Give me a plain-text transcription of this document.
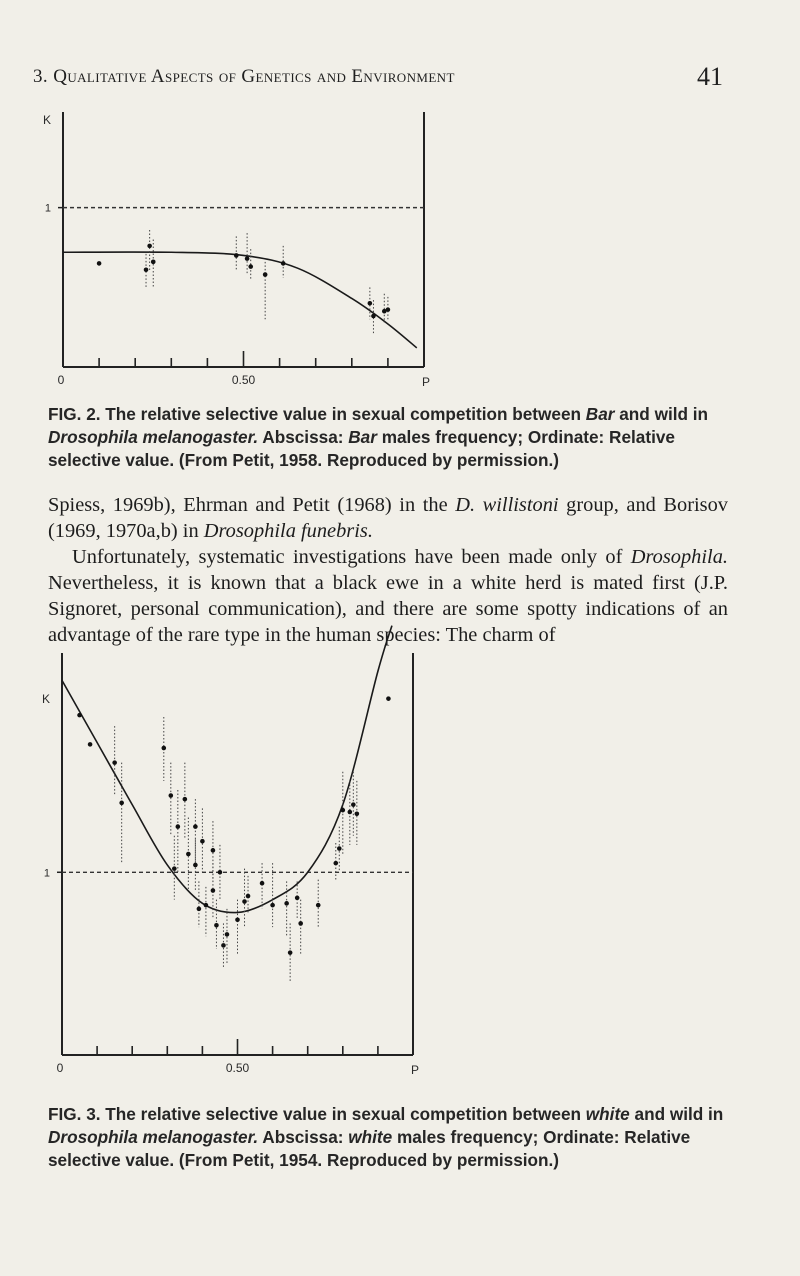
3. Qualitative Aspects of Genetics and Environment	41
K
1
0	0.50	P
FIG. 2. The relative selective value in sexual competition between Bar and wild in Drosophila melanogaster. Abscissa: Bar males frequency; Ordinate: Relative selective value. (From Petit, 1958. Reproduced by permission.)

Spiess, 1969b), Ehrman and Petit (1968) in the D. willistoni group, and Borisov (1969, 1970a,b) in Drosophila funebris.

Unfortunately, systematic investigations have been made only of Drosophila. Nevertheless, it is known that a black ewe in a white herd is mated first (J.P. Signoret, personal communication), and there are some spotty indications of an advantage of the rare type in the human species: The charm of

K
1
0	0.50	P
FIG. 3. The relative selective value in sexual competition between white and wild in Drosophila melanogaster. Abscissa: white males frequency; Ordinate: Relative selective value. (From Petit, 1954. Reproduced by permission.)
